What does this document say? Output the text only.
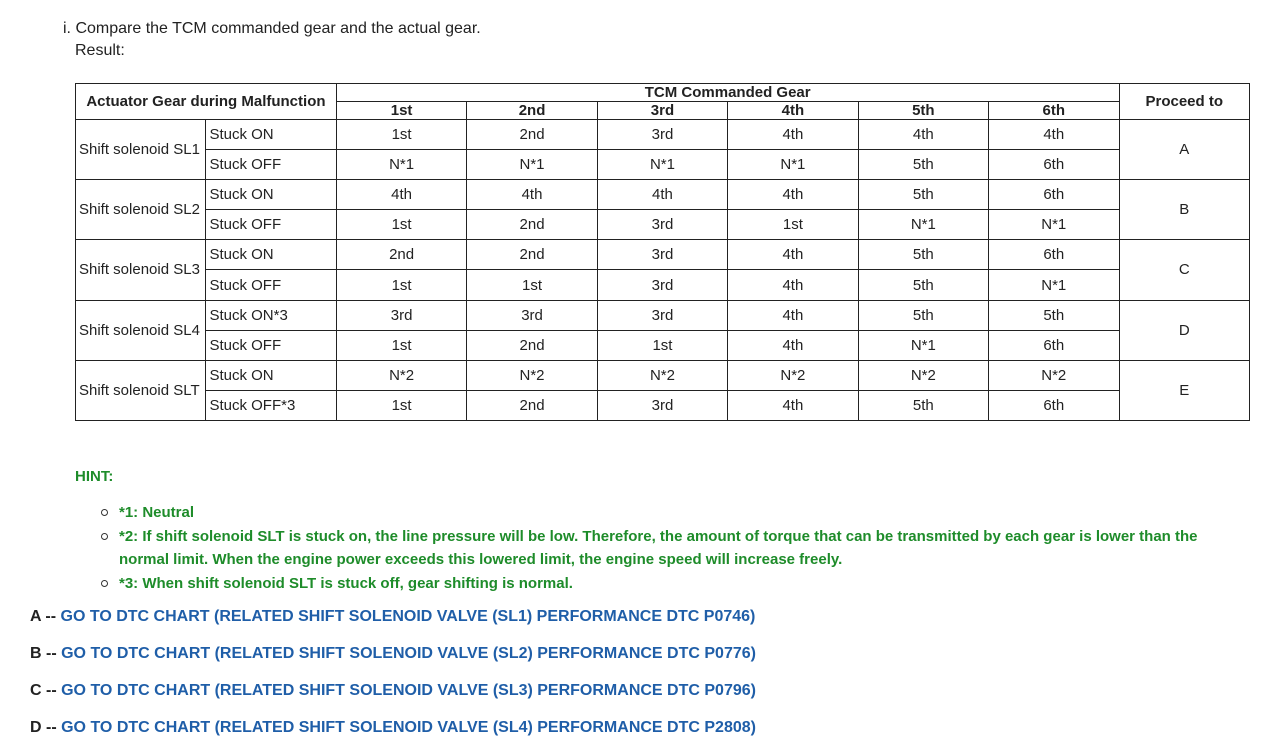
i. Compare the TCM commanded gear and the actual gear.
Result:
Actuator Gear during Malfunction		TCM Commanded Gear						Proceed to
		1st	2nd	3rd	4th	5th	6th	
Shift solenoid SL1	Stuck ON	1st	2nd	3rd	4th	4th	4th	A
	Stuck OFF	N*1	N*1	N*1	N*1	5th	6th	
Shift solenoid SL2	Stuck ON	4th	4th	4th	4th	5th	6th	B
	Stuck OFF	1st	2nd	3rd	1st	N*1	N*1	
Shift solenoid SL3	Stuck ON	2nd	2nd	3rd	4th	5th	6th	C
	Stuck OFF	1st	1st	3rd	4th	5th	N*1	
Shift solenoid SL4	Stuck ON*3	3rd	3rd	3rd	4th	5th	5th	D
	Stuck OFF	1st	2nd	1st	4th	N*1	6th	
Shift solenoid SLT	Stuck ON	N*2	N*2	N*2	N*2	N*2	N*2	E
	Stuck OFF*3	1st	2nd	3rd	4th	5th	6th	
HINT:
*1: Neutral
*2: If shift solenoid SLT is stuck on, the line pressure will be low. Therefore, the amount of torque that can be transmitted by each gear is lower than the normal limit. When the engine power exceeds this lowered limit, the engine speed will increase freely.
*3: When shift solenoid SLT is stuck off, gear shifting is normal.
A -- GO TO DTC CHART (RELATED SHIFT SOLENOID VALVE (SL1) PERFORMANCE DTC P0746)
B -- GO TO DTC CHART (RELATED SHIFT SOLENOID VALVE (SL2) PERFORMANCE DTC P0776)
C -- GO TO DTC CHART (RELATED SHIFT SOLENOID VALVE (SL3) PERFORMANCE DTC P0796)
D -- GO TO DTC CHART (RELATED SHIFT SOLENOID VALVE (SL4) PERFORMANCE DTC P2808)
